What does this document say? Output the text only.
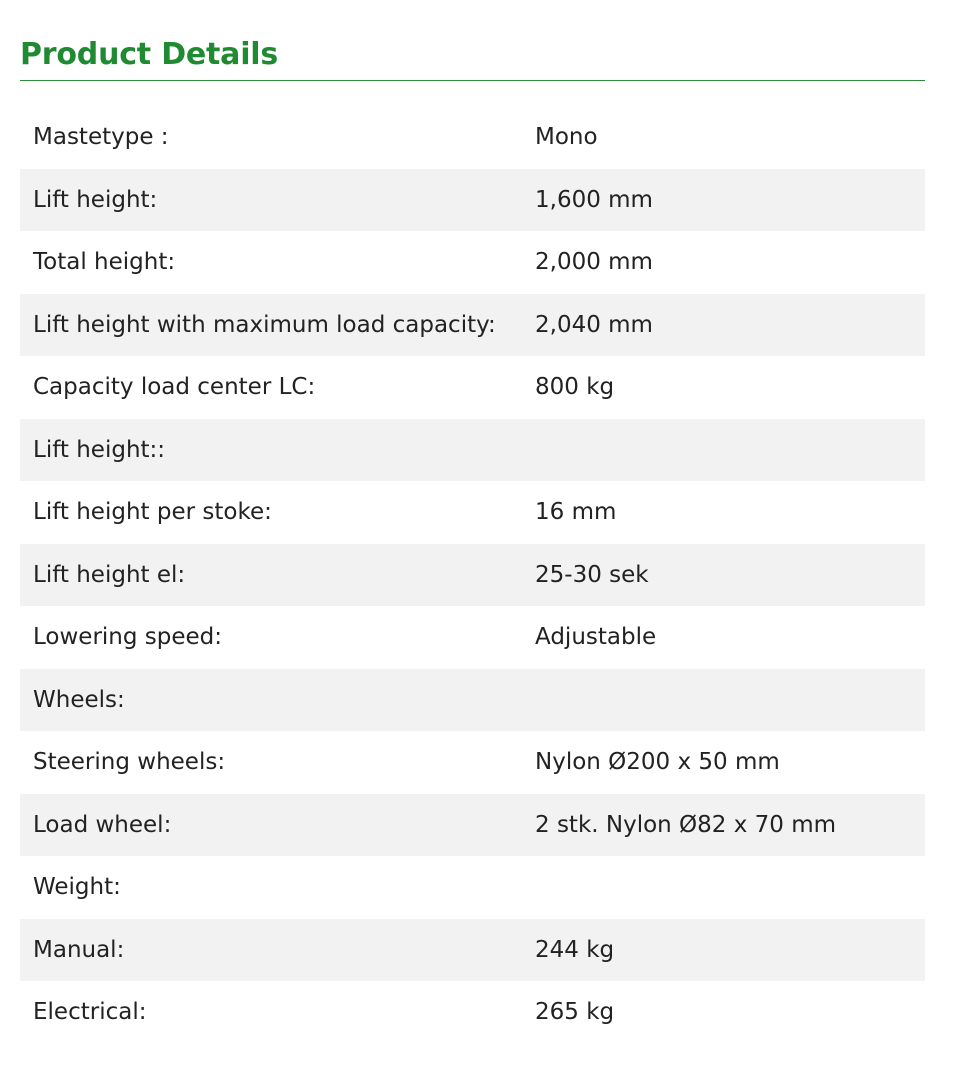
Product Details
Mastetype :	Mono
Lift height:	1,600 mm
Total height:	2,000 mm
Lift height with maximum load capacity:	2,040 mm
Capacity load center LC:	800 kg
Lift height::
Lift height per stoke:	16 mm
Lift height el:	25-30 sek
Lowering speed:	Adjustable
Wheels:
Steering wheels:	Nylon Ø200 x 50 mm
Load wheel:	2 stk. Nylon Ø82 x 70 mm
Weight:
Manual:	244 kg
Electrical:	265 kg
